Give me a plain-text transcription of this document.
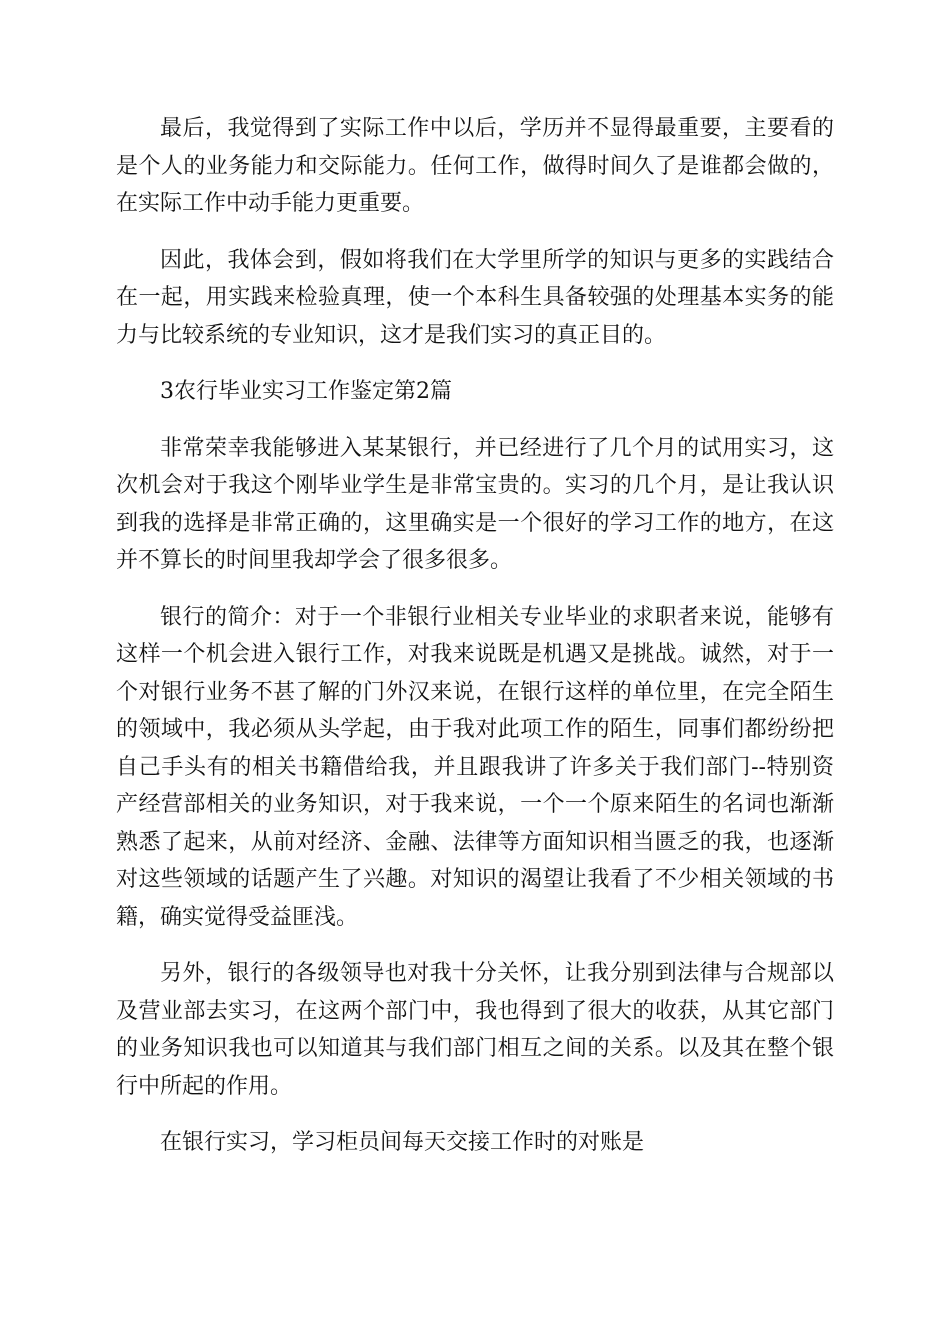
最后，我觉得到了实际工作中以后，学历并不显得最重要，主要看的是个人的业务能力和交际能力。任何工作，做得时间久了是谁都会做的，在实际工作中动手能力更重要。

因此，我体会到，假如将我们在大学里所学的知识与更多的实践结合在一起，用实践来检验真理，使一个本科生具备较强的处理基本实务的能力与比较系统的专业知识，这才是我们实习的真正目的。

3农行毕业实习工作鉴定第2篇

非常荣幸我能够进入某某银行，并已经进行了几个月的试用实习，这次机会对于我这个刚毕业学生是非常宝贵的。实习的几个月，是让我认识到我的选择是非常正确的，这里确实是一个很好的学习工作的地方，在这并不算长的时间里我却学会了很多很多。

银行的简介：对于一个非银行业相关专业毕业的求职者来说，能够有这样一个机会进入银行工作，对我来说既是机遇又是挑战。诚然，对于一个对银行业务不甚了解的门外汉来说，在银行这样的单位里，在完全陌生的领域中，我必须从头学起，由于我对此项工作的陌生，同事们都纷纷把自己手头有的相关书籍借给我，并且跟我讲了许多关于我们部门--特别资产经营部相关的业务知识，对于我来说，一个一个原来陌生的名词也渐渐熟悉了起来，从前对经济、金融、法律等方面知识相当匮乏的我，也逐渐对这些领域的话题产生了兴趣。对知识的渴望让我看了不少相关领域的书籍，确实觉得受益匪浅。

另外，银行的各级领导也对我十分关怀，让我分别到法律与合规部以及营业部去实习，在这两个部门中，我也得到了很大的收获，从其它部门的业务知识我也可以知道其与我们部门相互之间的关系。以及其在整个银行中所起的作用。

在银行实习，学习柜员间每天交接工作时的对账是
